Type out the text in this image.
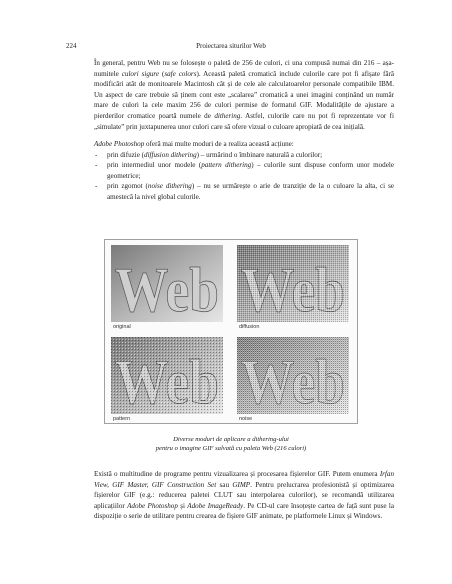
224	Proiectarea siturilor Web

În general, pentru Web nu se folosește o paletă de 256 de culori, ci una compusă numai din 216 – așa-numitele culori sigure (safe colors). Această paletă cromatică include culorile care pot fi afișate fără modificări atât de monitoarele Macintosh cât și de cele ale calculatoarelor personale compatibile IBM. Un aspect de care trebuie să ținem cont este „scalarea” cromatică a unei imagini conținând un număr mare de culori la cele maxim 256 de culori permise de formatul GIF. Modalitățile de ajustare a pierderilor cromatice poartă numele de dithering. Astfel, culorile care nu pot fi reprezentate vor fi „simulate” prin juxtapunerea unor culori care să ofere vizual o culoare apropiată de cea inițială.

Adobe Photoshop oferă mai multe moduri de a realiza această acțiune:

- prin difuzie (diffusion dithering) – urmărind o îmbinare naturală a culorilor;
- prin intermediul unor modele (pattern dithering) – culorile sunt dispuse conform unor modele geometrice;
- prin zgomot (noise dithering) – nu se urmărește o arie de tranziție de la o culoare la alta, ci se amestecă la nivel global culorile.
Web
original	diffusion
pattern	noise
Diverse moduri de aplicare a dithering-ului
pentru o imagine GIF salvată cu paleta Web (216 culori)

Există o multitudine de programe pentru vizualizarea și procesarea fișierelor GIF. Putem enumera Irfan View, GIF Master, GIF Construction Set sau GIMP. Pentru prelucrarea profesionistă și optimizarea fișierelor GIF (e.g.: reducerea paletei CLUT sau interpolarea culorilor), se recomandă utilizarea aplicațiilor Adobe Photoshop și Adobe ImageReady. Pe CD-ul care însoțește cartea de față sunt puse la dispoziție o serie de utilitare pentru crearea de fișiere GIF animate, pe platformele Linux și Windows.
